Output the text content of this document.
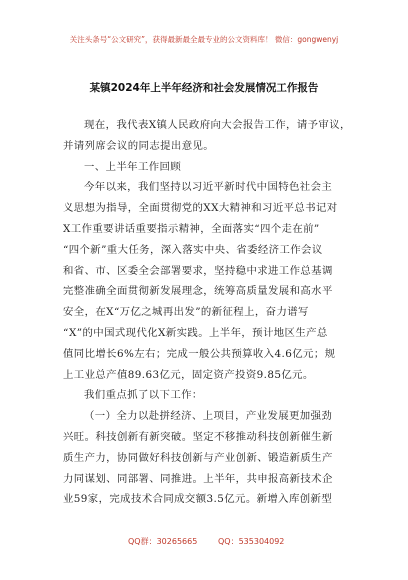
关注头条号“公文研究”，获得最新最全最专业的公文资料库！ 微信：gongwenyj
某镇2024年上半年经济和社会发展情况工作报告
现在，我代表X镇人民政府向大会报告工作，请予审议，
并请列席会议的同志提出意见。
一、上半年工作回顾
今年以来，我们坚持以习近平新时代中国特色社会主
义思想为指导，全面贯彻党的XX大精神和习近平总书记对
X工作重要讲话重要指示精神，全面落实“四个走在前”
“四个新”重大任务，深入落实中央、省委经济工作会议
和省、市、区委全会部署要求，坚持稳中求进工作总基调
完整准确全面贯彻新发展理念，统筹高质量发展和高水平
安全，在X“万亿之城再出发”的新征程上，奋力谱写
“X”的中国式现代化X新实践。上半年，预计地区生产总
值同比增长6%左右；完成一般公共预算收入4.6亿元；规
上工业总产值89.63亿元，固定资产投资9.85亿元。
我们重点抓了以下工作：
（一）全力以赴拼经济、上项目，产业发展更加强劲
兴旺。科技创新有新突破。坚定不移推动科技创新催生新
质生产力，协同做好科技创新与产业创新、锻造新质生产
力同谋划、同部署、同推进。上半年，共申报高新技术企
业59家，完成技术合同成交额3.5亿元。新增入库创新型
QQ群：30265665	QQ：535304092
